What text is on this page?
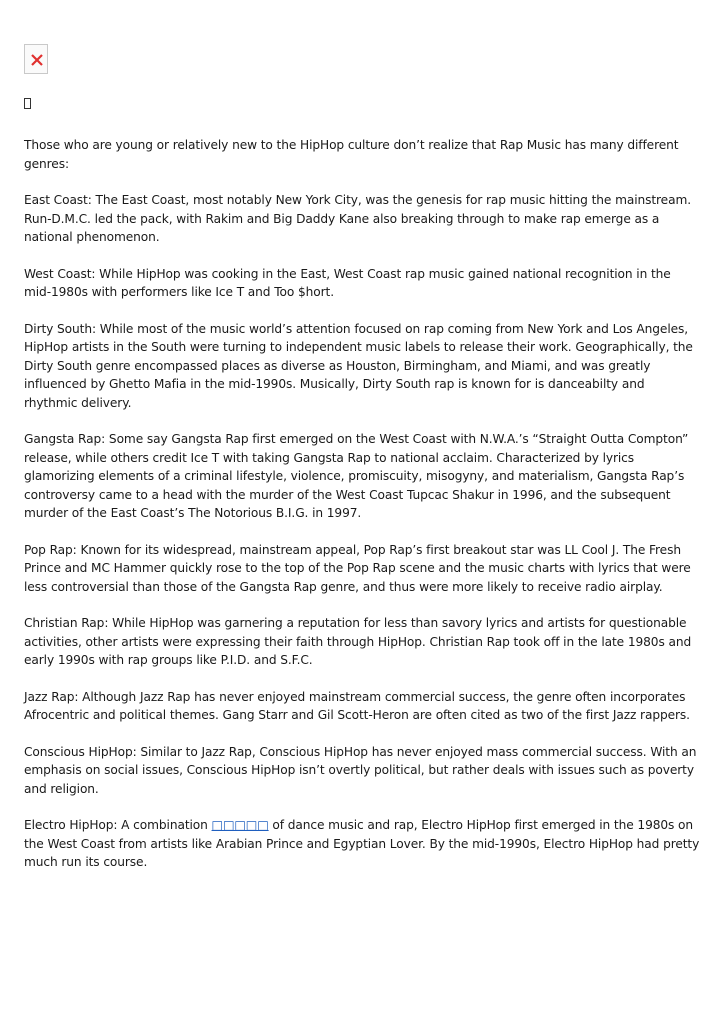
Those who are young or relatively new to the HipHop culture don’t realize that Rap Music has many different genres:

East Coast: The East Coast, most notably New York City, was the genesis for rap music hitting the mainstream. Run-D.M.C. led the pack, with Rakim and Big Daddy Kane also breaking through to make rap emerge as a national phenomenon.

West Coast: While HipHop was cooking in the East, West Coast rap music gained national recognition in the mid-1980s with performers like Ice T and Too $hort.

Dirty South: While most of the music world’s attention focused on rap coming from New York and Los Angeles, HipHop artists in the South were turning to independent music labels to release their work. Geographically, the Dirty South genre encompassed places as diverse as Houston, Birmingham, and Miami, and was greatly influenced by Ghetto Mafia in the mid-1990s. Musically, Dirty South rap is known for is danceabilty and rhythmic delivery.

Gangsta Rap: Some say Gangsta Rap first emerged on the West Coast with N.W.A.’s “Straight Outta Compton” release, while others credit Ice T with taking Gangsta Rap to national acclaim. Characterized by lyrics glamorizing elements of a criminal lifestyle, violence, promiscuity, misogyny, and materialism, Gangsta Rap’s controversy came to a head with the murder of the West Coast Tupcac Shakur in 1996, and the subsequent murder of the East Coast’s The Notorious B.I.G. in 1997.

Pop Rap: Known for its widespread, mainstream appeal, Pop Rap’s first breakout star was LL Cool J. The Fresh Prince and MC Hammer quickly rose to the top of the Pop Rap scene and the music charts with lyrics that were less controversial than those of the Gangsta Rap genre, and thus were more likely to receive radio airplay.

Christian Rap: While HipHop was garnering a reputation for less than savory lyrics and artists for questionable activities, other artists were expressing their faith through HipHop. Christian Rap took off in the late 1980s and early 1990s with rap groups like P.I.D. and S.F.C.

Jazz Rap: Although Jazz Rap has never enjoyed mainstream commercial success, the genre often incorporates Afrocentric and political themes. Gang Starr and Gil Scott-Heron are often cited as two of the first Jazz rappers.

Conscious HipHop: Similar to Jazz Rap, Conscious HipHop has never enjoyed mass commercial success. With an emphasis on social issues, Conscious HipHop isn’t overtly political, but rather deals with issues such as poverty and religion.

Electro HipHop: A combination □□□□□ of dance music and rap, Electro HipHop first emerged in the 1980s on the West Coast from artists like Arabian Prince and Egyptian Lover. By the mid-1990s, Electro HipHop had pretty much run its course.
